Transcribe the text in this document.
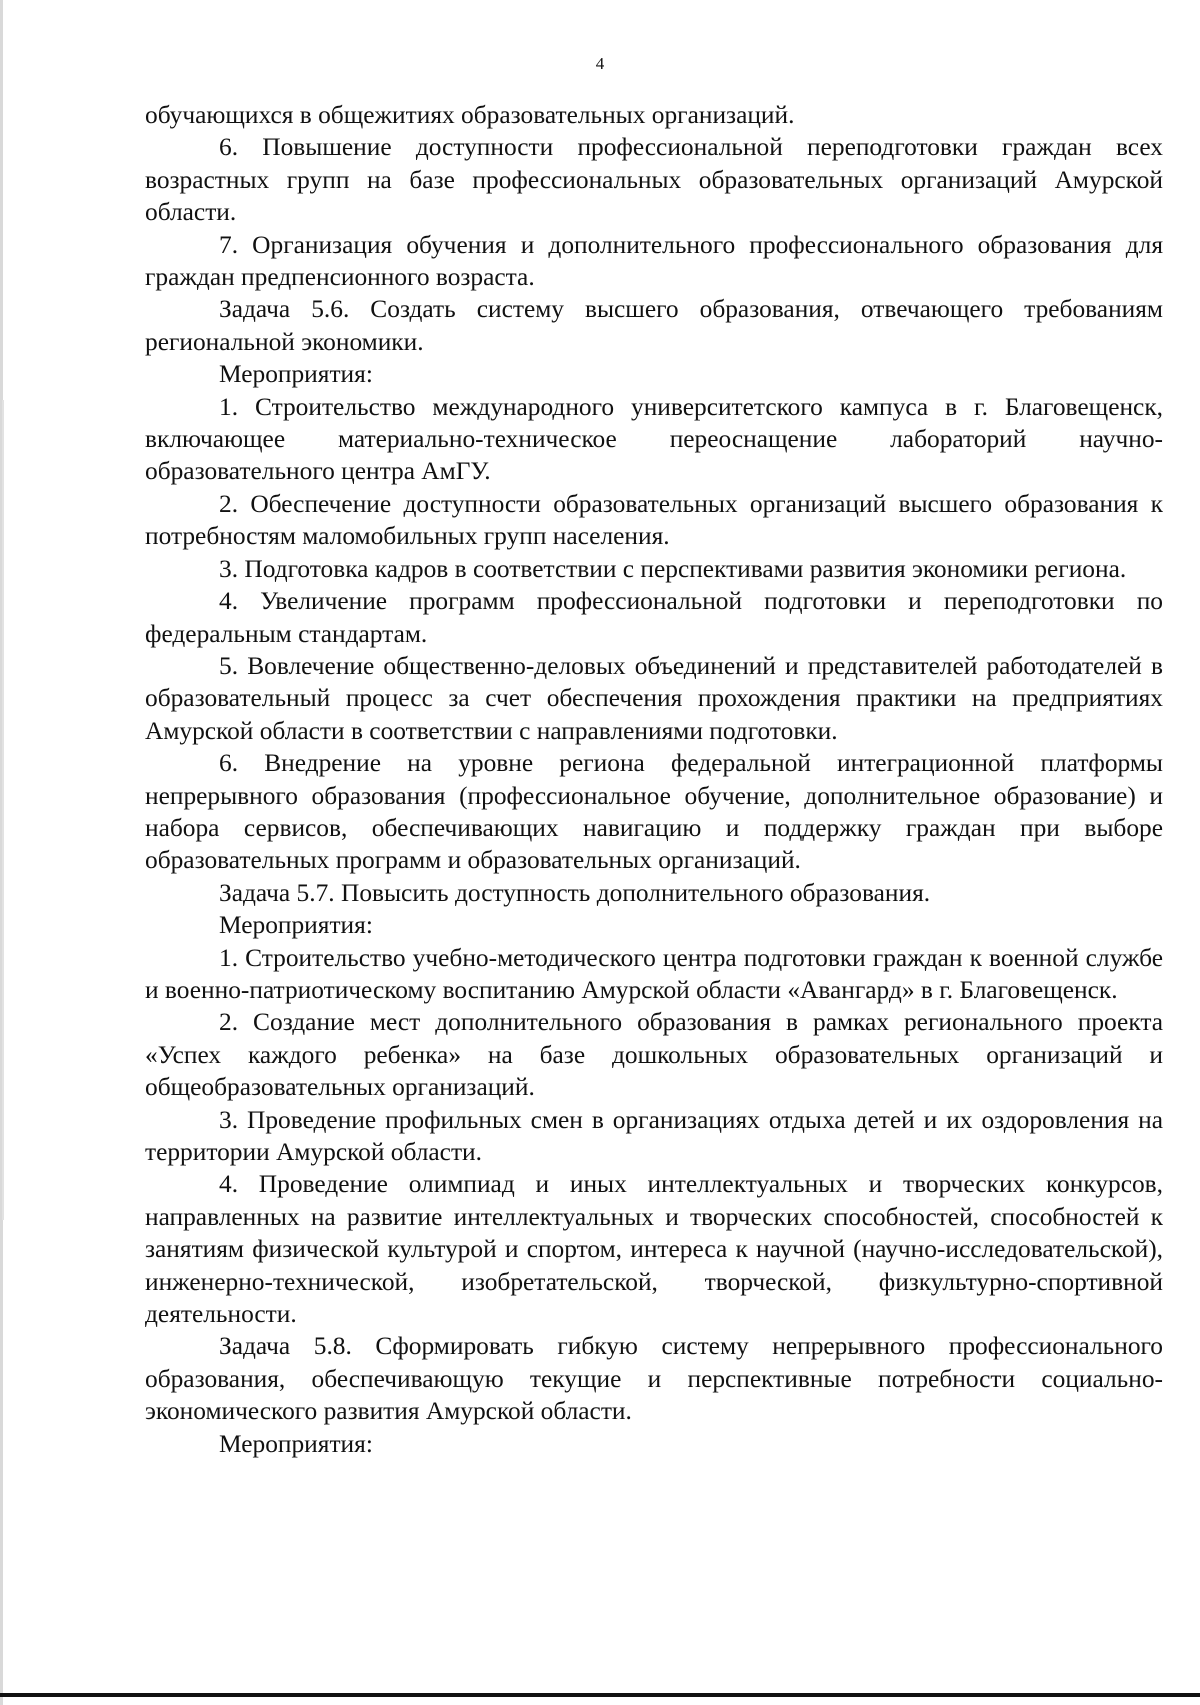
4

обучающихся в общежитиях образовательных организаций.

6. Повышение доступности профессиональной переподготовки граждан всех возрастных групп на базе профессиональных образовательных организаций Амурской области.

7. Организация обучения и дополнительного профессионального образования для граждан предпенсионного возраста.

Задача 5.6. Создать систему высшего образования, отвечающего требованиям региональной экономики.

Мероприятия:

1. Строительство международного университетского кампуса в г. Благовещенск, включающее материально-техническое переоснащение лабораторий научно-образовательного центра АмГУ.

2. Обеспечение доступности образовательных организаций высшего образования к потребностям маломобильных групп населения.

3. Подготовка кадров в соответствии с перспективами развития экономики региона.

4. Увеличение программ профессиональной подготовки и переподготовки по федеральным стандартам.

5. Вовлечение общественно-деловых объединений и представителей работодателей в образовательный процесс за счет обеспечения прохождения практики на предприятиях Амурской области в соответствии с направлениями подготовки.

6. Внедрение на уровне региона федеральной интеграционной платформы непрерывного образования (профессиональное обучение, дополнительное образование) и набора сервисов, обеспечивающих навигацию и поддержку граждан при выборе образовательных программ и образовательных организаций.

Задача 5.7. Повысить доступность дополнительного образования.

Мероприятия:

1. Строительство учебно-методического центра подготовки граждан к военной службе и военно-патриотическому воспитанию Амурской области «Авангард» в г. Благовещенск.

2. Создание мест дополнительного образования в рамках регионального проекта «Успех каждого ребенка» на базе дошкольных образовательных организаций и общеобразовательных организаций.

3. Проведение профильных смен в организациях отдыха детей и их оздоровления на территории Амурской области.

4. Проведение олимпиад и иных интеллектуальных и творческих конкурсов, направленных на развитие интеллектуальных и творческих способностей, способностей к занятиям физической культурой и спортом, интереса к научной (научно-исследовательской), инженерно-технической, изобретательской, творческой, физкультурно-спортивной деятельности.

Задача 5.8. Сформировать гибкую систему непрерывного профессионального образования, обеспечивающую текущие и перспективные потребности социально-экономического развития Амурской области.

Мероприятия:
